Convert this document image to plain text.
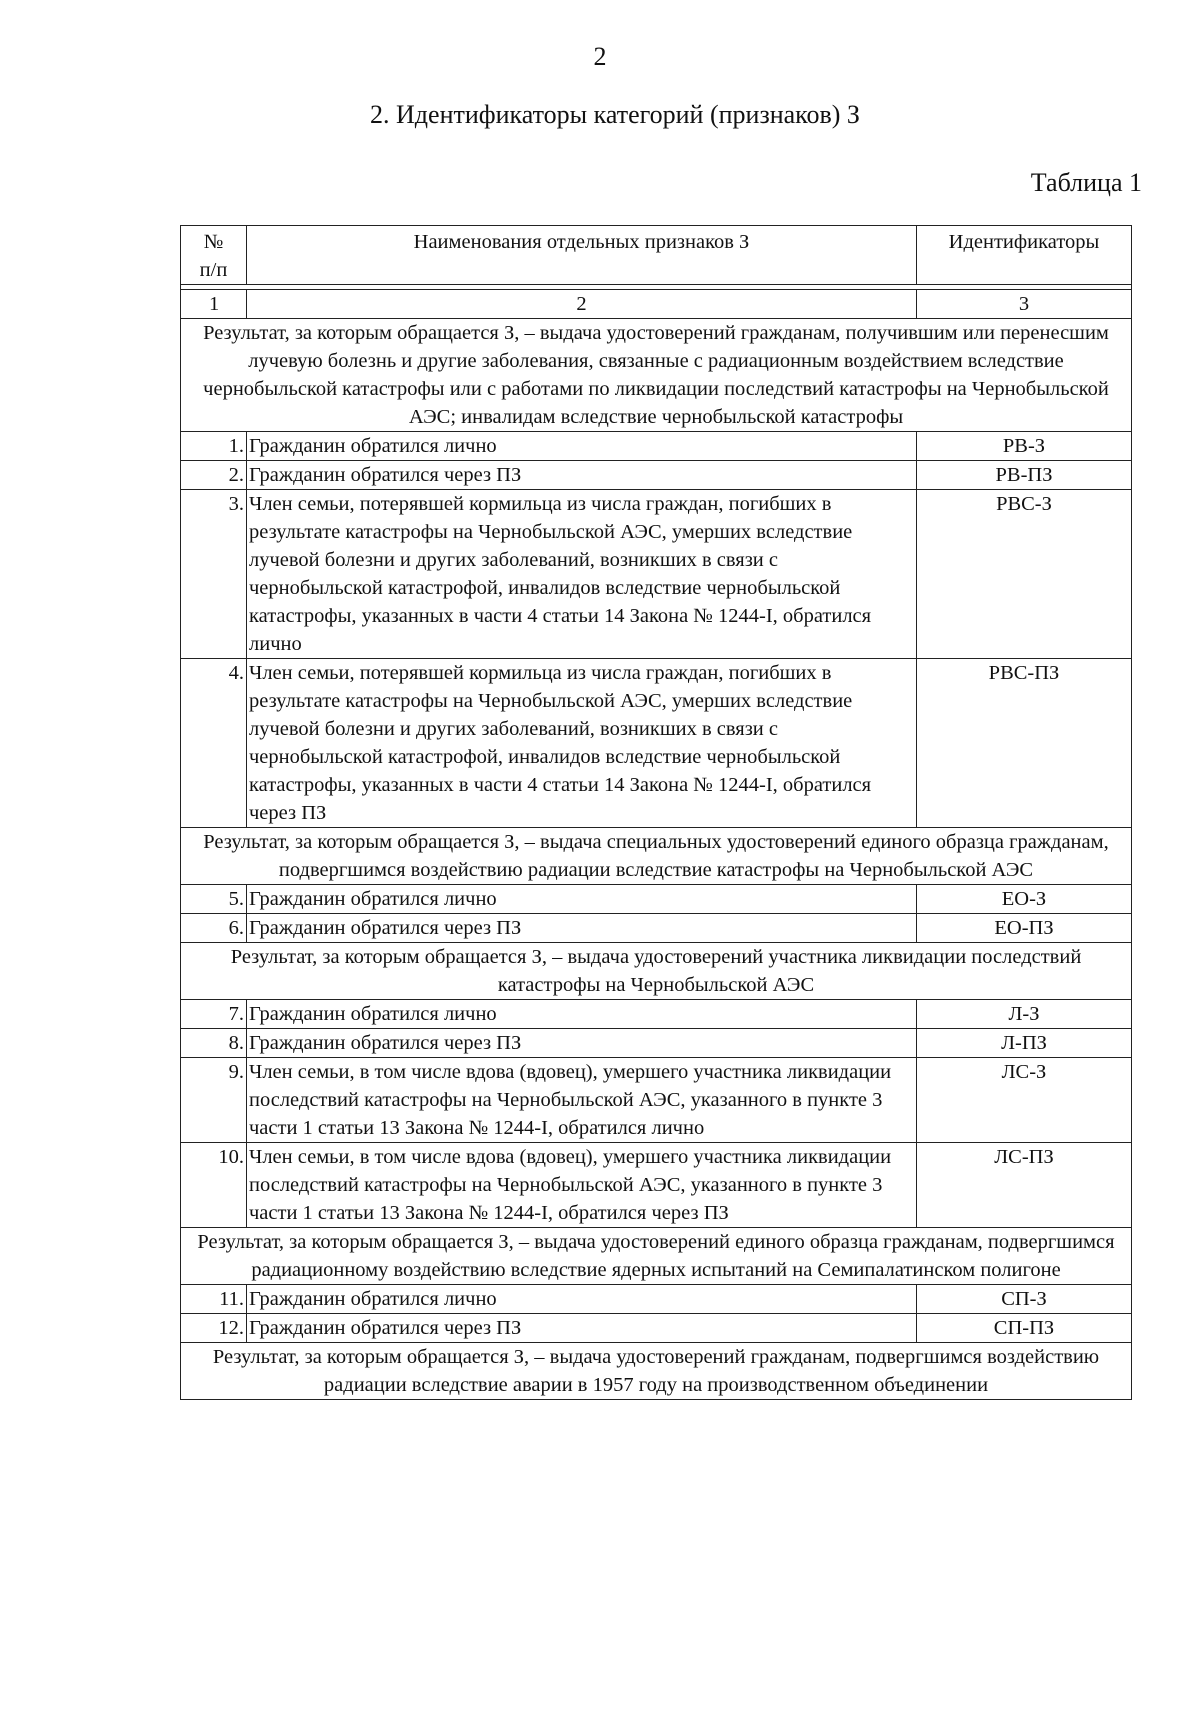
2
2. Идентификаторы категорий (признаков) З
Таблица 1
№
п/п	Наименования отдельных признаков З	Идентификаторы

1	2	3
Результат, за которым обращается З, – выдача удостоверений гражданам, получившим или перенесшим лучевую болезнь и другие заболевания, связанные с радиационным воздействием вследствие чернобыльской катастрофы или с работами по ликвидации последствий катастрофы на Чернобыльской АЭС; инвалидам вследствие чернобыльской катастрофы		
1.	Гражданин обратился лично	РВ-З
2.	Гражданин обратился через ПЗ	РВ-ПЗ
3.	Член семьи, потерявшей кормильца из числа граждан, погибших в результате катастрофы на Чернобыльской АЭС, умерших вследствие лучевой болезни и других заболеваний, возникших в связи с чернобыльской катастрофой, инвалидов вследствие чернобыльской катастрофы, указанных в части 4 статьи 14 Закона № 1244-I, обратился лично	РВС-З
4.	Член семьи, потерявшей кормильца из числа граждан, погибших в результате катастрофы на Чернобыльской АЭС, умерших вследствие лучевой болезни и других заболеваний, возникших в связи с чернобыльской катастрофой, инвалидов вследствие чернобыльской катастрофы, указанных в части 4 статьи 14 Закона № 1244-I, обратился через ПЗ	РВС-ПЗ
Результат, за которым обращается З, – выдача специальных удостоверений единого образца гражданам, подвергшимся воздействию радиации вследствие катастрофы на Чернобыльской АЭС		
5.	Гражданин обратился лично	ЕО-З
6.	Гражданин обратился через ПЗ	ЕО-ПЗ
Результат, за которым обращается З, – выдача удостоверений участника ликвидации последствий катастрофы на Чернобыльской АЭС		
7.	Гражданин обратился лично	Л-З
8.	Гражданин обратился через ПЗ	Л-ПЗ
9.	Член семьи, в том числе вдова (вдовец), умершего участника ликвидации последствий катастрофы на Чернобыльской АЭС, указанного в пункте 3 части 1 статьи 13 Закона № 1244-I, обратился лично	ЛС-З
10.	Член семьи, в том числе вдова (вдовец), умершего участника ликвидации последствий катастрофы на Чернобыльской АЭС, указанного в пункте 3 части 1 статьи 13 Закона № 1244-I, обратился через ПЗ	ЛС-ПЗ
Результат, за которым обращается З, – выдача удостоверений единого образца гражданам, подвергшимся радиационному воздействию вследствие ядерных испытаний на Семипалатинском полигоне		
11.	Гражданин обратился лично	СП-З
12.	Гражданин обратился через ПЗ	СП-ПЗ
Результат, за которым обращается З, – выдача удостоверений гражданам, подвергшимся воздействию радиации вследствие аварии в 1957 году на производственном объединении		
